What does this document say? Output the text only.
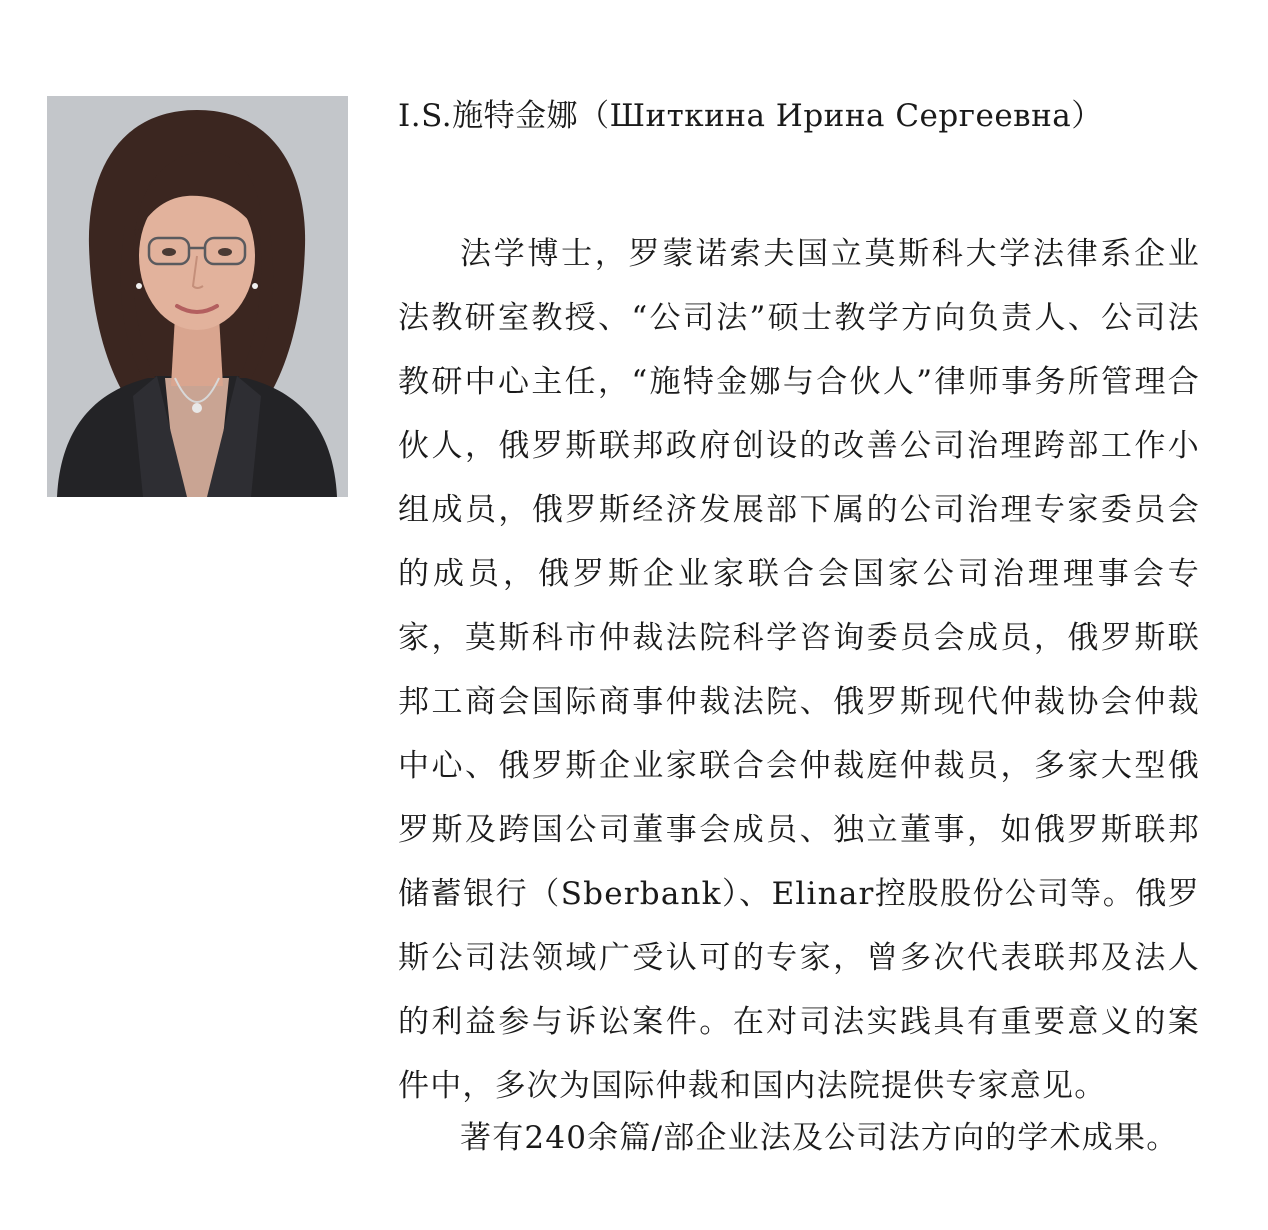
I.S.施特金娜（Шиткина Ирина Сергеевна）

法学博士，罗蒙诺索夫国立莫斯科大学法律系企业法教研室教授、“公司法”硕士教学方向负责人、公司法教研中心主任，“施特金娜与合伙人”律师事务所管理合伙人，俄罗斯联邦政府创设的改善公司治理跨部工作小组成员，俄罗斯经济发展部下属的公司治理专家委员会的成员，俄罗斯企业家联合会国家公司治理理事会专家，莫斯科市仲裁法院科学咨询委员会成员，俄罗斯联邦工商会国际商事仲裁法院、俄罗斯现代仲裁协会仲裁中心、俄罗斯企业家联合会仲裁庭仲裁员，多家大型俄罗斯及跨国公司董事会成员、独立董事，如俄罗斯联邦储蓄银行（Sberbank）、Elinar控股股份公司等。俄罗斯公司法领域广受认可的专家，曾多次代表联邦及法人的利益参与诉讼案件。在对司法实践具有重要意义的案件中，多次为国际仲裁和国内法院提供专家意见。

著有240余篇/部企业法及公司法方向的学术成果。
